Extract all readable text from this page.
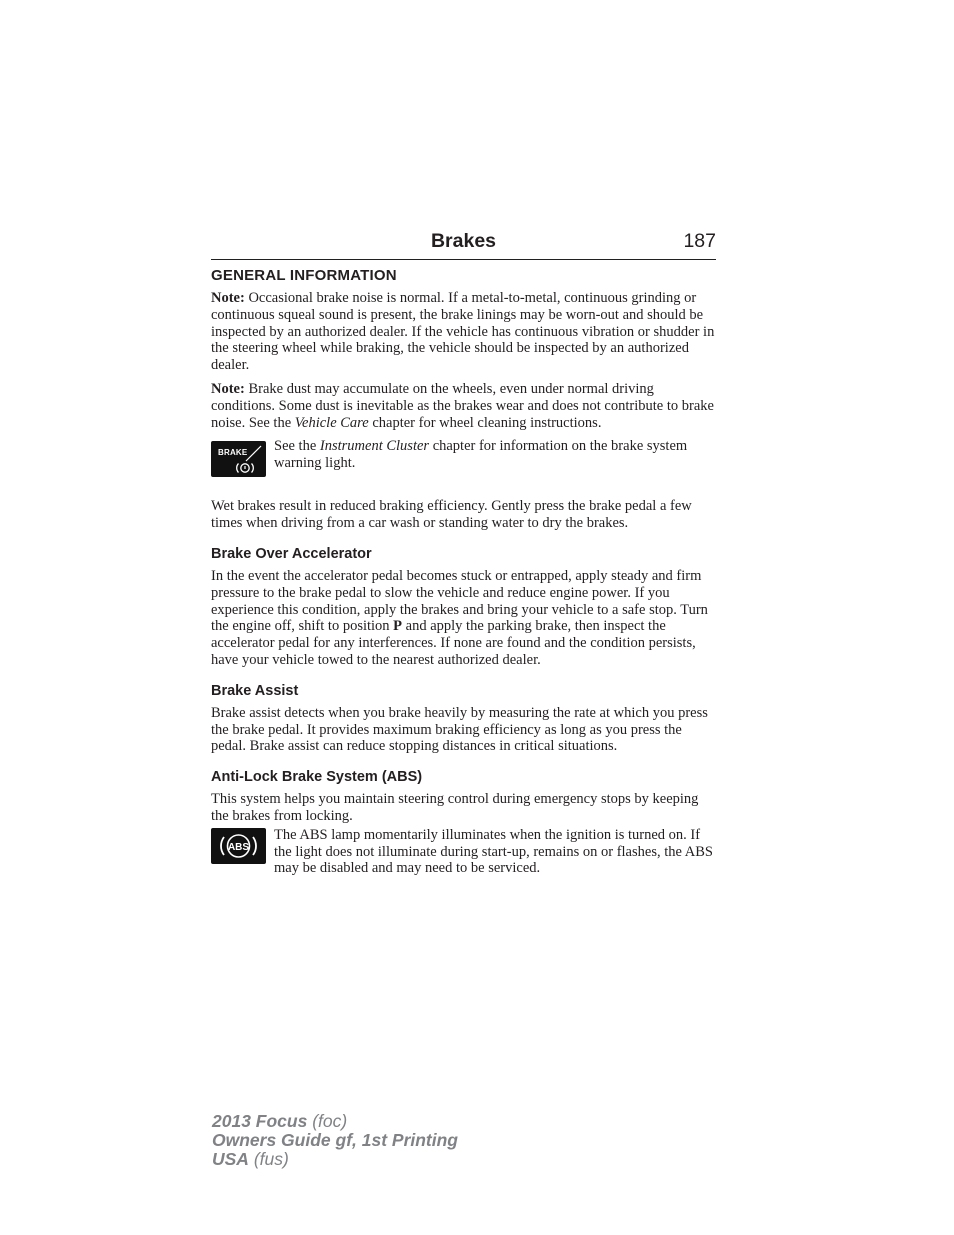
Brakes	187
GENERAL INFORMATION

Note: Occasional brake noise is normal. If a metal-to-metal, continuous grinding or continuous squeal sound is present, the brake linings may be worn-out and should be inspected by an authorized dealer. If the vehicle has continuous vibration or shudder in the steering wheel while braking, the vehicle should be inspected by an authorized dealer.

Note: Brake dust may accumulate on the wheels, even under normal driving conditions. Some dust is inevitable as the brakes wear and does not contribute to brake noise. See the Vehicle Care chapter for wheel cleaning instructions.

BRAKE	See the Instrument Cluster chapter for information on the brake system warning light.

Wet brakes result in reduced braking efficiency. Gently press the brake pedal a few times when driving from a car wash or standing water to dry the brakes.

Brake Over Accelerator

In the event the accelerator pedal becomes stuck or entrapped, apply steady and firm pressure to the brake pedal to slow the vehicle and reduce engine power. If you experience this condition, apply the brakes and bring your vehicle to a safe stop. Turn the engine off, shift to position P and apply the parking brake, then inspect the accelerator pedal for any interferences. If none are found and the condition persists, have your vehicle towed to the nearest authorized dealer.

Brake Assist

Brake assist detects when you brake heavily by measuring the rate at which you press the brake pedal. It provides maximum braking efficiency as long as you press the pedal. Brake assist can reduce stopping distances in critical situations.

Anti-Lock Brake System (ABS)

This system helps you maintain steering control during emergency stops by keeping the brakes from locking.

ABS

The ABS lamp momentarily illuminates when the ignition is turned on. If the light does not illuminate during start-up, remains on or flashes, the ABS may be disabled and may need to be serviced.

2013 Focus (foc)
Owners Guide gf, 1st Printing
USA (fus)
